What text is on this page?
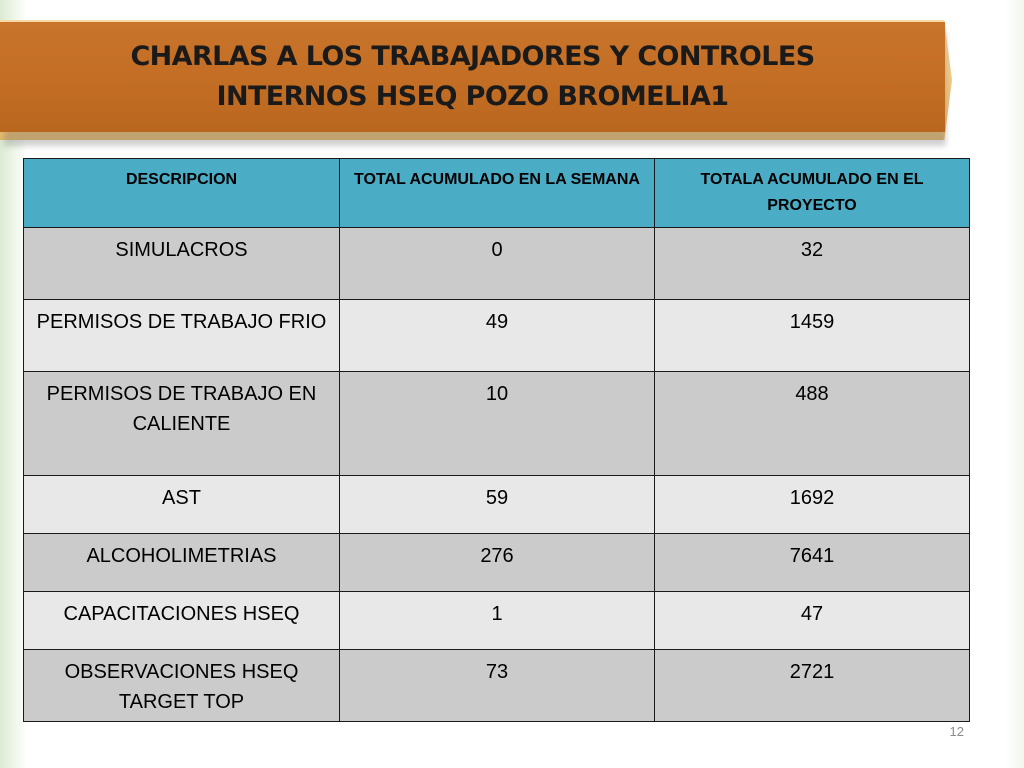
CHARLAS A LOS TRABAJADORES Y CONTROLES
INTERNOS HSEQ POZO BROMELIA1
DESCRIPCION	TOTAL ACUMULADO EN LA SEMANA	TOTALA ACUMULADO EN EL PROYECTO
SIMULACROS	0	32
PERMISOS DE TRABAJO FRIO	49	1459
PERMISOS DE TRABAJO EN CALIENTE	10	488
AST	59	1692
ALCOHOLIMETRIAS	276	7641
CAPACITACIONES HSEQ	1	47
OBSERVACIONES HSEQ TARGET TOP	73	2721
12
